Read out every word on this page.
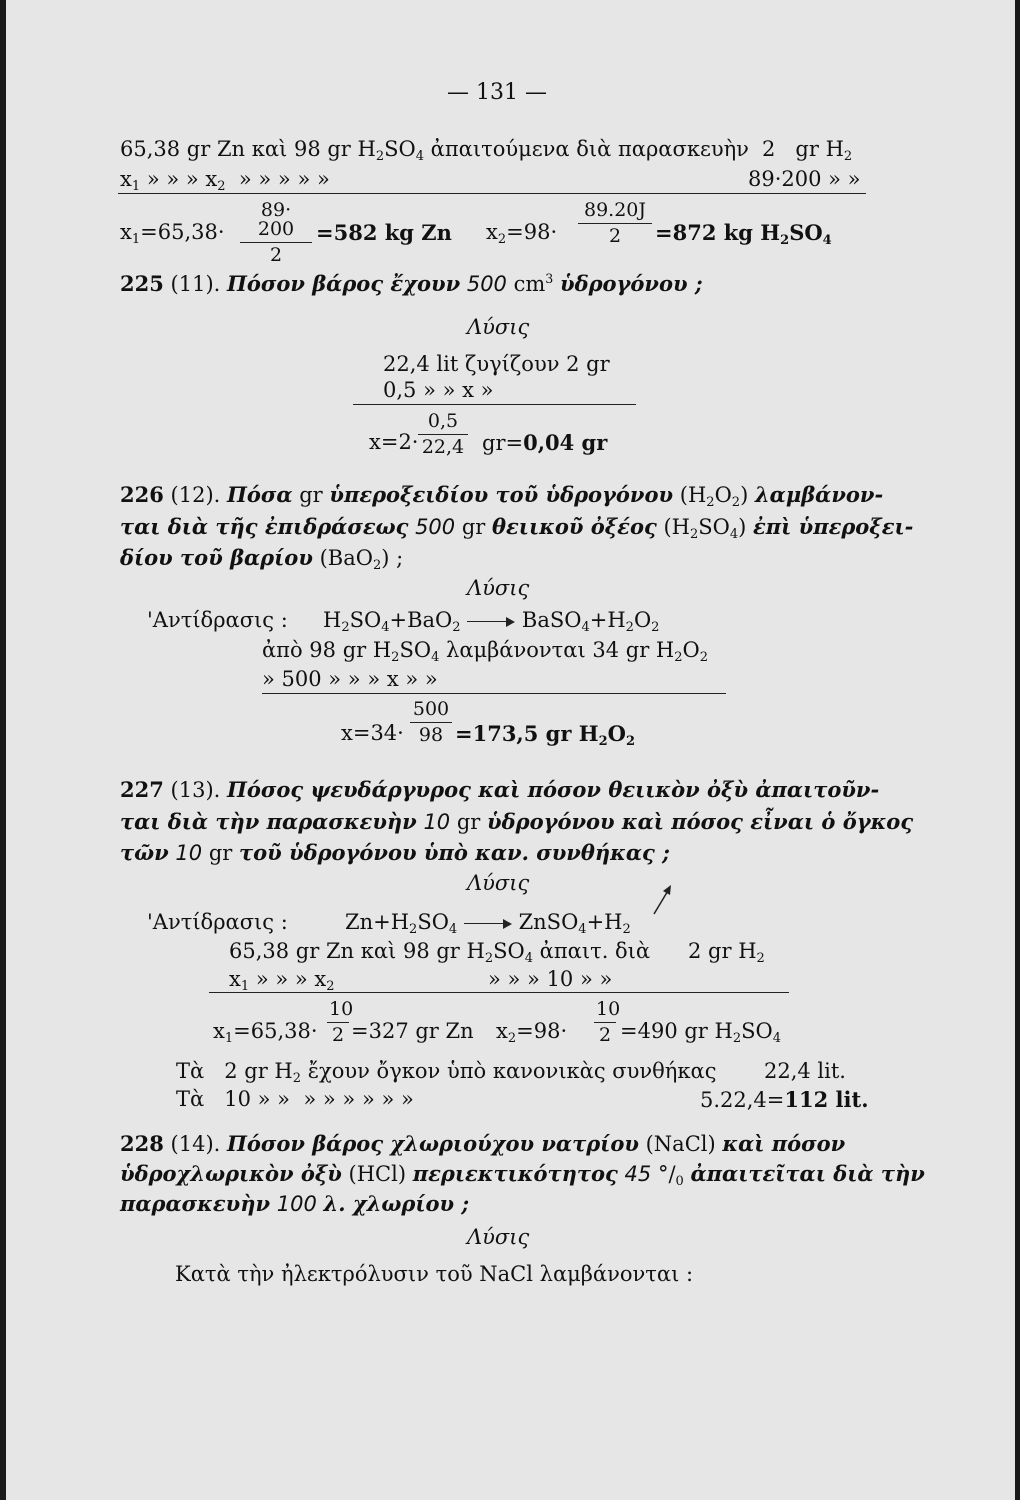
— 131 —
65,38 gr Zn καὶ 98 gr $H_2SO_4$ ἀπαιτούμενα διὰ παρασκευὴν 2 gr $H_2$
$x_1$ » » » $x_2$ » » » » »	89·200 » »
$x_1=65,38\cdot \frac{89\cdot 200}{2} =582$ kg Zn $x_2=98\cdot \frac{89.20J}{2} =872$ kg $H_2SO_4$
225 (11). Πόσον βάρος ἔχουν 500 $cm^3$ ὑδρογόνου ;
Λύσις
22,4 lit ζυγίζουν 2 gr
0,5 » » x »
$x=2\cdot \frac{0,5}{22,4} gr=0,04$ gr
226 (12). Πόσα gr ὑπεροξειδίου τοῦ ὑδρογόνου $(H_2O_2)$ λαμβάνον-
ται διὰ τῆς ἐπιδράσεως 500 gr θειικοῦ ὀξέος $(H_2SO_4)$ ἐπὶ ὑπεροξει-
δίου τοῦ βαρίου (BaO$_2$) ;
Λύσις
'Αντίδρασις : $H_2SO_4+BaO_2$	$BaSO_4+H_2O_2$
ἀπὸ 98 gr $H_2SO_4$ λαμβάνονται 34 gr $H_2O_2$
» 500 » » » x » »
$x=34\cdot \frac{500}{98} =173,5$ gr $H_2O_2$
227 (13). Πόσος ψευδάργυρος καὶ πόσον θειικὸν ὀξὺ ἀπαιτοῦν-
ται διὰ τὴν παρασκευὴν 10 gr ὑδρογόνου καὶ πόσος εἶναι ὁ ὄγκος
τῶν 10 gr τοῦ ὑδρογόνου ὑπὸ καν. συνθήκας ;
Λύσις
'Αντίδρασις :	$Zn+H_2SO_4$	$ZnSO_4+H_2$
65,38 gr Zn καὶ 98 gr $H_2SO_4$ ἀπαιτ. διὰ 2 gr $H_2$
$x_1$ » » » $x_2$	» » » 10 » »
$x_1=65,38\cdot \frac{10}{2} =327$ gr Zn $x_2=98\cdot \frac{10}{2} =490$ gr $H_2SO_4$
Τὰ 2 gr $H_2$ ἔχουν ὄγκον ὑπὸ κανονικὰς συνθήκας 22,4 lit.
Τὰ 10 » » » » » » » »	5.22,4=112 lit.
228 (14). Πόσον βάρος χλωριούχου νατρίου (NaCl) καὶ πόσον
ὑδροχλωρικὸν ὀξὺ (HCl) περιεκτικότητος 45 $^\circ/_0$ ἀπαιτεῖται διὰ τὴν
παρασκευὴν 100 λ. χλωρίου ;
Λύσις
Κατὰ τὴν ἠλεκτρόλυσιν τοῦ NaCl λαμβάνονται :
